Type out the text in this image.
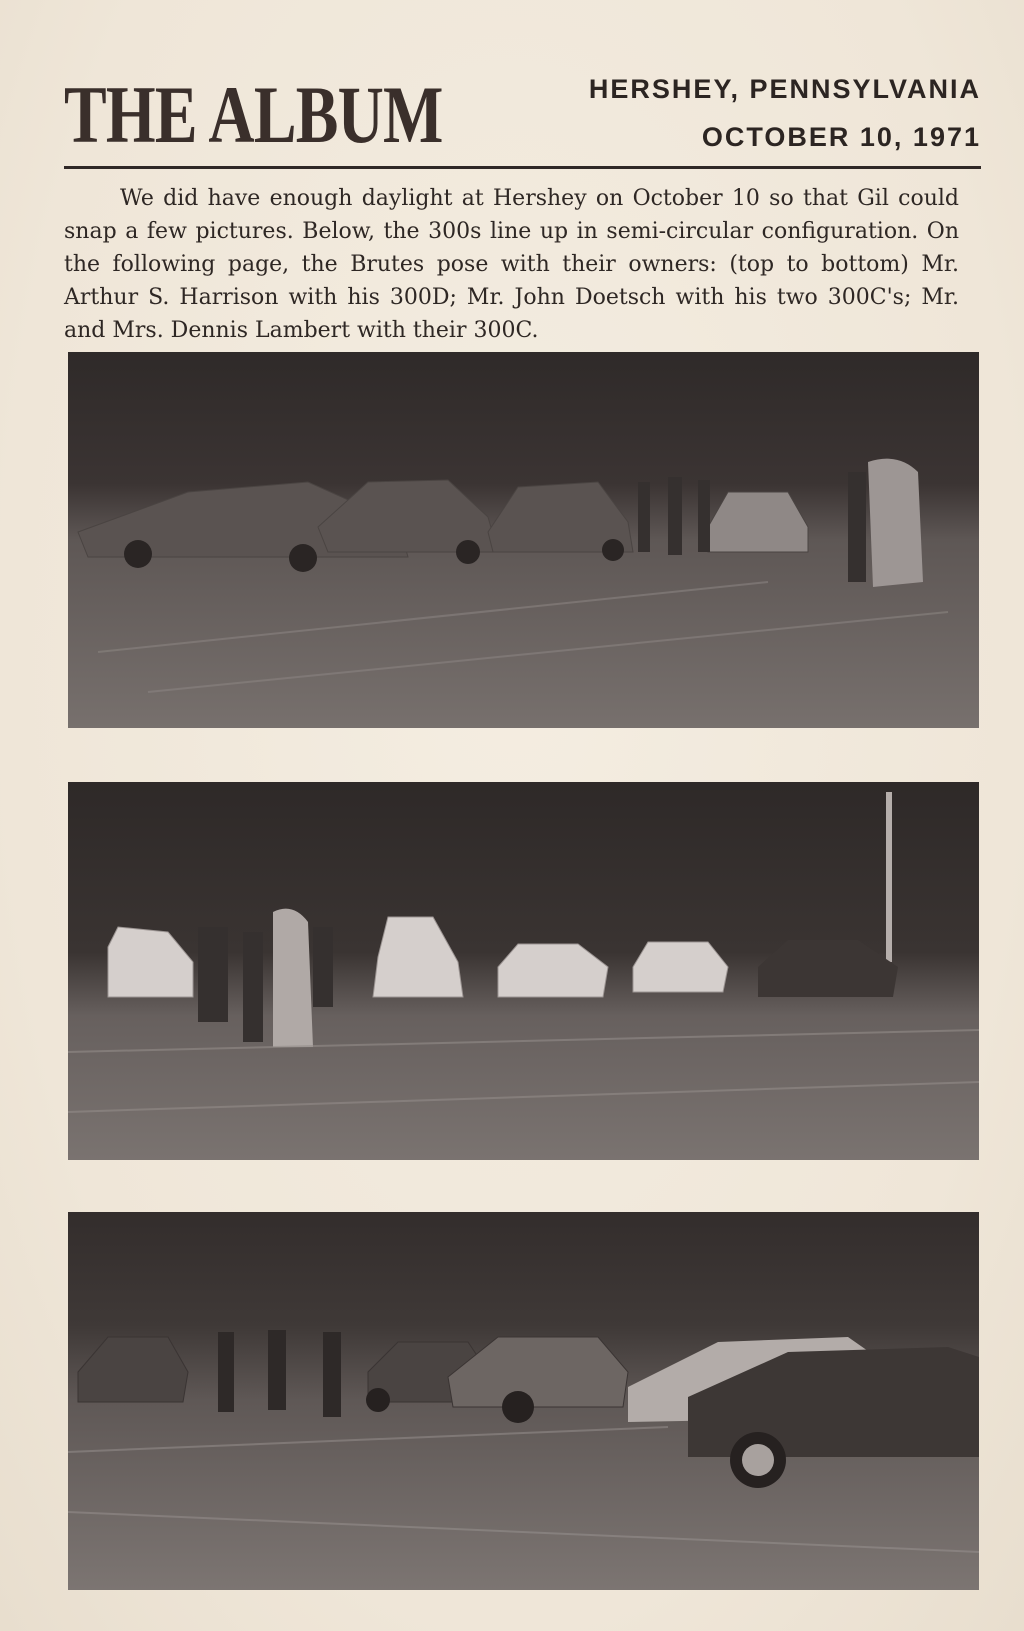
THE ALBUM	HERSHEY, PENNSYLVANIA
OCTOBER 10, 1971

We did have enough daylight at Hershey on October 10 so that Gil could snap a few pictures. Below, the 300s line up in semi-circular configuration. On the following page, the Brutes pose with their owners: (top to bottom) Mr. Arthur S. Harrison with his 300D; Mr. John Doetsch with his two 300C's; Mr. and Mrs. Dennis Lambert with their 300C.
